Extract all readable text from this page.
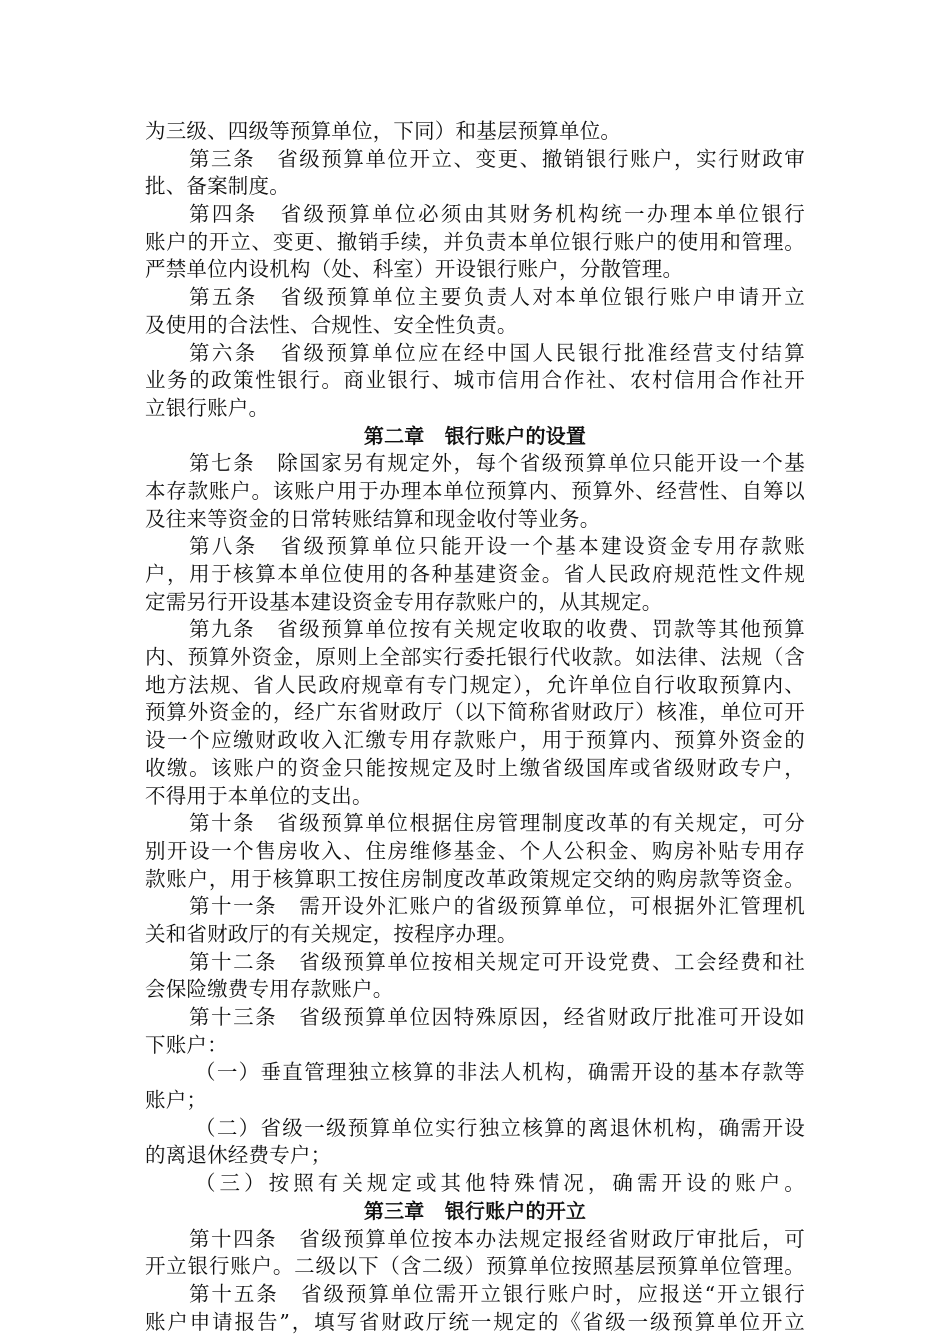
为三级、四级等预算单位，下同）和基层预算单位。
第三条　省级预算单位开立、变更、撤销银行账户，实行财政审
批、备案制度。
第四条　省级预算单位必须由其财务机构统一办理本单位银行
账户的开立、变更、撤销手续，并负责本单位银行账户的使用和管理。
严禁单位内设机构（处、科室）开设银行账户，分散管理。
第五条　省级预算单位主要负责人对本单位银行账户申请开立
及使用的合法性、合规性、安全性负责。
第六条　省级预算单位应在经中国人民银行批准经营支付结算
业务的政策性银行。商业银行、城市信用合作社、农村信用合作社开
立银行账户。
第二章　银行账户的设置
第七条　除国家另有规定外，每个省级预算单位只能开设一个基
本存款账户。该账户用于办理本单位预算内、预算外、经营性、自筹以
及往来等资金的日常转账结算和现金收付等业务。
第八条　省级预算单位只能开设一个基本建设资金专用存款账
户，用于核算本单位使用的各种基建资金。省人民政府规范性文件规
定需另行开设基本建设资金专用存款账户的，从其规定。
第九条　省级预算单位按有关规定收取的收费、罚款等其他预算
内、预算外资金，原则上全部实行委托银行代收款。如法律、法规（含
地方法规、省人民政府规章有专门规定），允许单位自行收取预算内、
预算外资金的，经广东省财政厅（以下简称省财政厅）核准，单位可开
设一个应缴财政收入汇缴专用存款账户，用于预算内、预算外资金的
收缴。该账户的资金只能按规定及时上缴省级国库或省级财政专户，
不得用于本单位的支出。
第十条　省级预算单位根据住房管理制度改革的有关规定，可分
别开设一个售房收入、住房维修基金、个人公积金、购房补贴专用存
款账户，用于核算职工按住房制度改革政策规定交纳的购房款等资金。
第十一条　需开设外汇账户的省级预算单位，可根据外汇管理机
关和省财政厅的有关规定，按程序办理。
第十二条　省级预算单位按相关规定可开设党费、工会经费和社
会保险缴费专用存款账户。
第十三条　省级预算单位因特殊原因，经省财政厅批准可开设如
下账户：
（一）垂直管理独立核算的非法人机构，确需开设的基本存款等
账户；
（二）省级一级预算单位实行独立核算的离退休机构，确需开设
的离退休经费专户；
（三）按照有关规定或其他特殊情况，确需开设的账户。
第三章　银行账户的开立
第十四条　省级预算单位按本办法规定报经省财政厅审批后，可
开立银行账户。二级以下（含二级）预算单位按照基层预算单位管理。
第十五条　省级预算单位需开立银行账户时，应报送“开立银行
账户申请报告”，填写省财政厅统一规定的《省级一级预算单位开立
